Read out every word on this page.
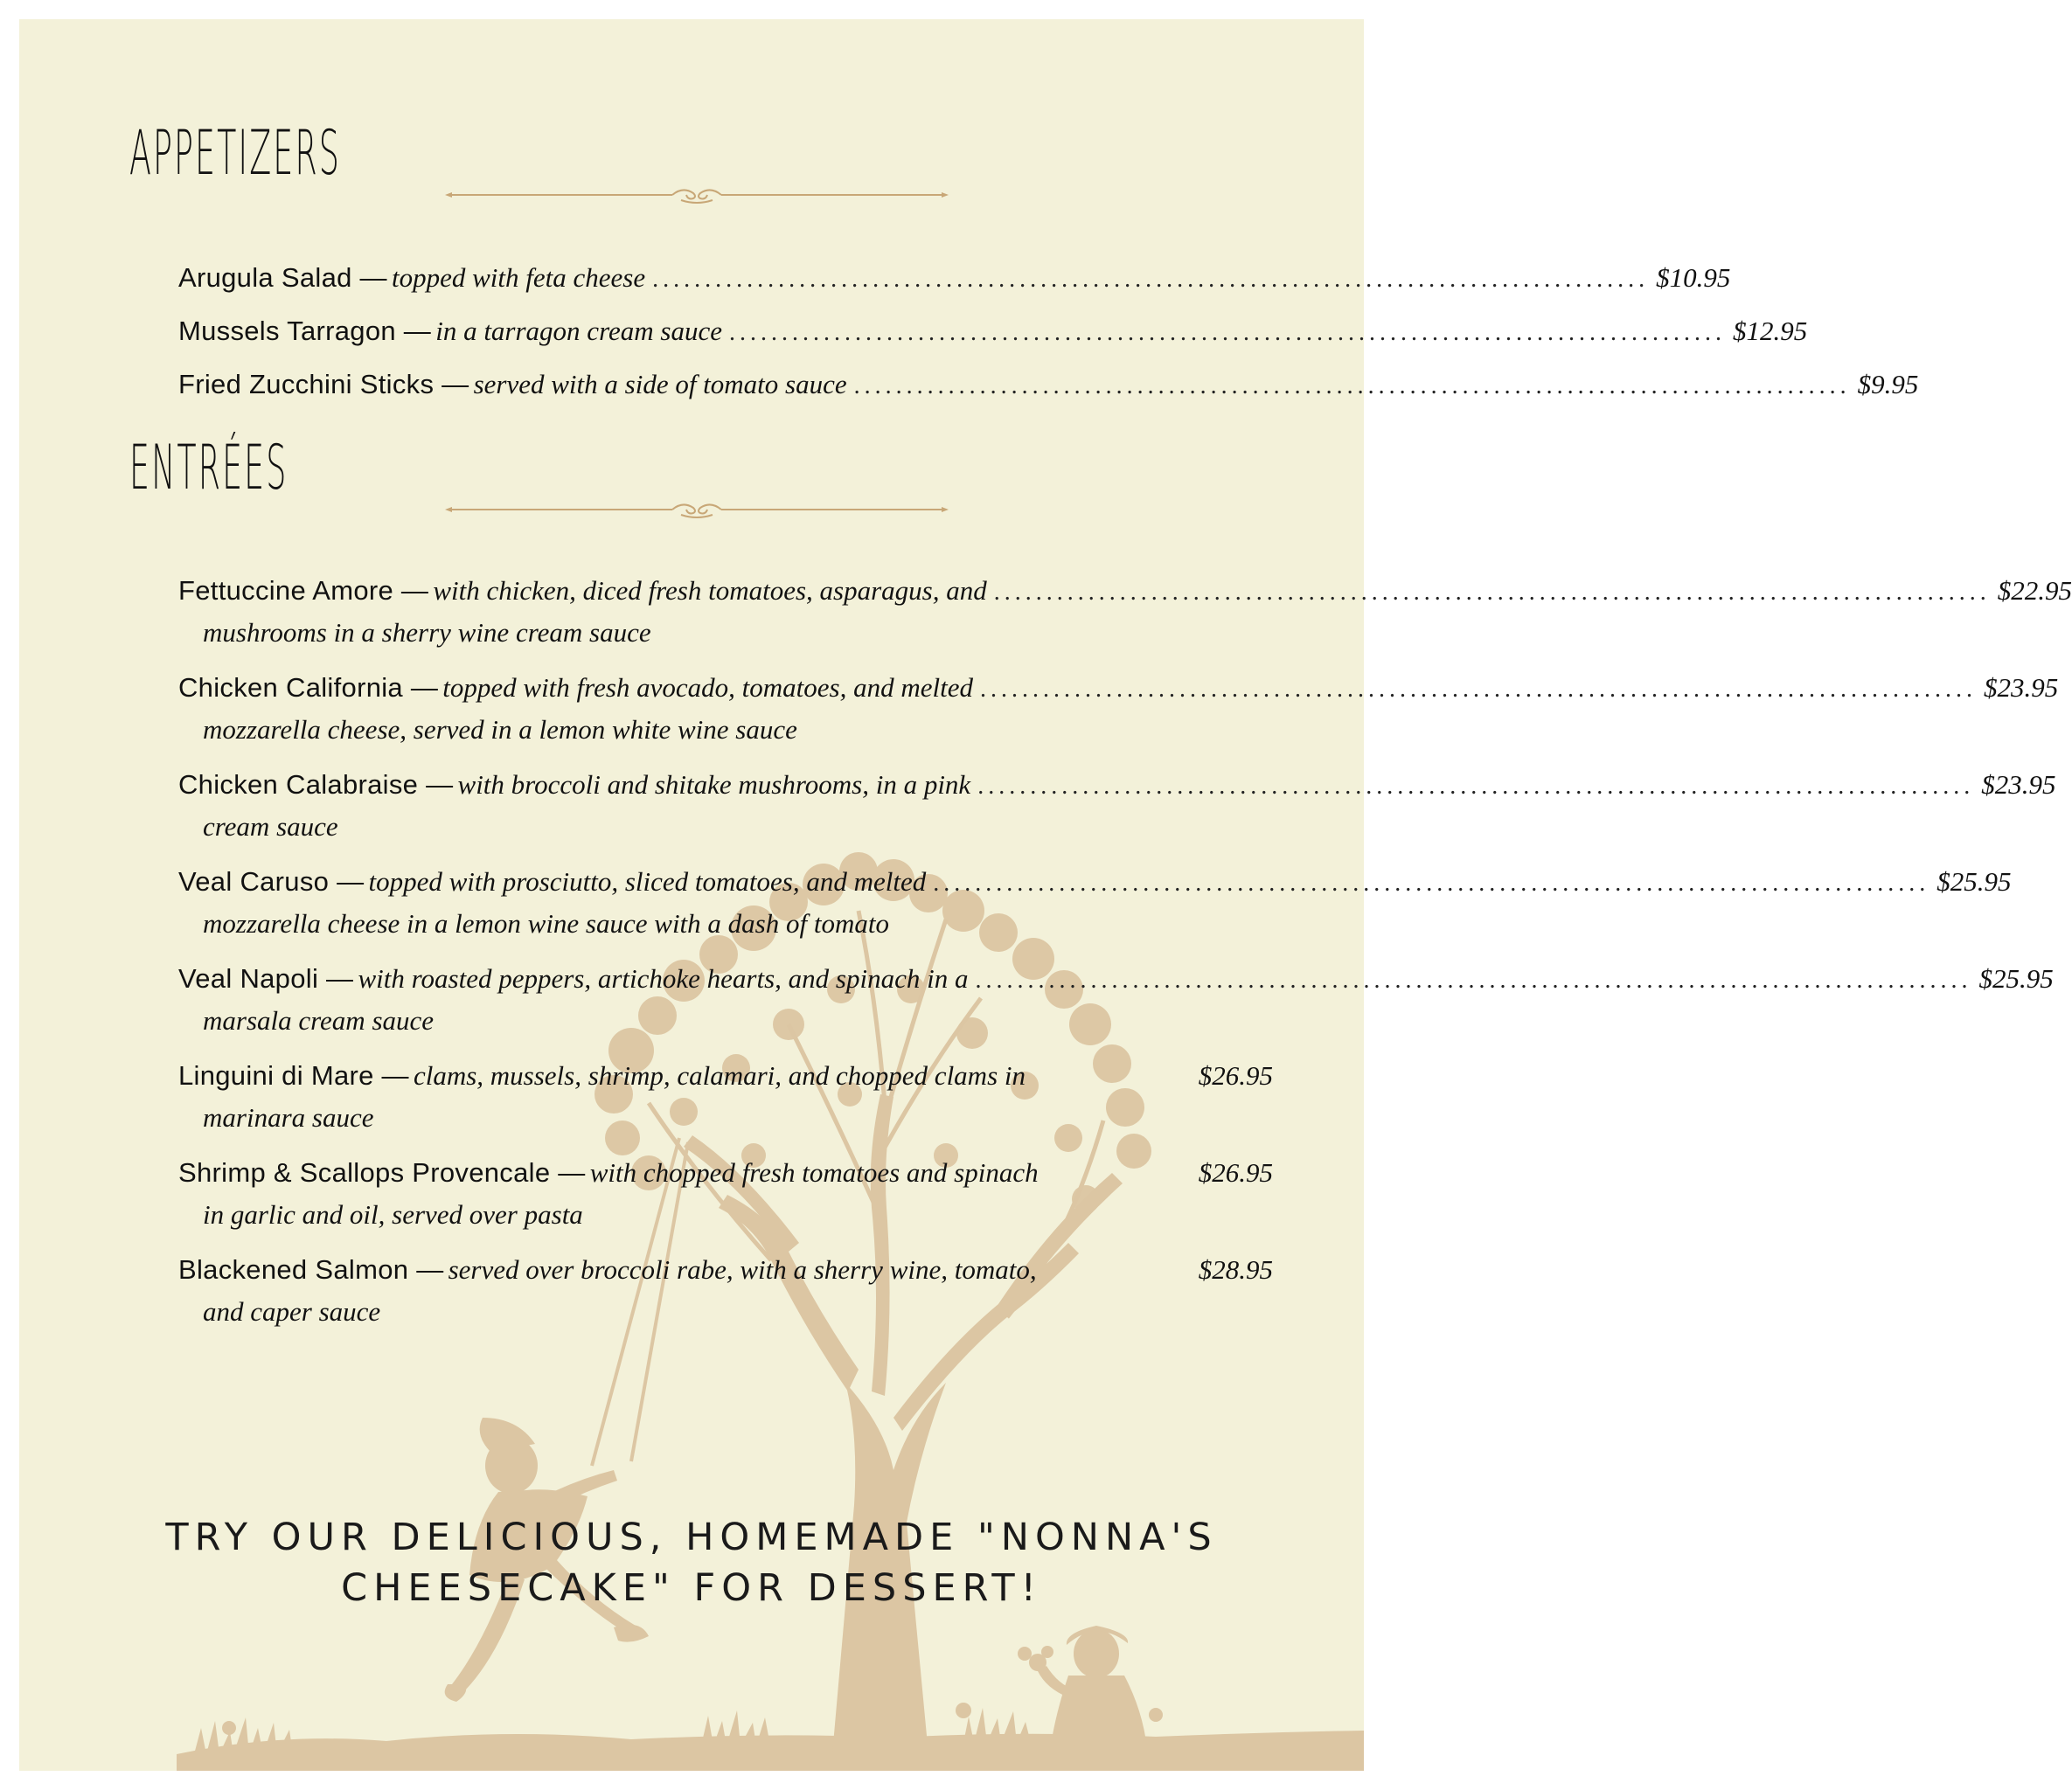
APPETIZERS
Arugula Salad —
topped with feta cheese ............................................................................................... $10.95
Mussels Tarragon —
in a tarragon cream sauce ............................................................................................... $12.95
Fried Zucchini Sticks —
served with a side of tomato sauce ............................................................................................... $9.95
ENTRÉES
Fettuccine Amore —
with chicken, diced fresh tomatoes, asparagus, and ............................................................................................... $22.95
mushrooms in a sherry wine cream sauce
Chicken California —
topped with fresh avocado, tomatoes, and melted ............................................................................................... $23.95
mozzarella cheese, served in a lemon white wine sauce
Chicken Calabraise —
with broccoli and shitake mushrooms, in a pink ............................................................................................... $23.95
cream sauce
Veal Caruso —
topped with prosciutto, sliced tomatoes, and melted ............................................................................................... $25.95
mozzarella cheese in a lemon wine sauce with a dash of tomato
Veal Napoli —
with roasted peppers, artichoke hearts, and spinach in a ............................................................................................... $25.95
marsala cream sauce
Linguini di Mare —
clams, mussels, shrimp, calamari, and chopped clams in	$26.95
marinara sauce
Shrimp & Scallops Provencale —
with chopped fresh tomatoes and spinach	$26.95
in garlic and oil, served over pasta
Blackened Salmon —
served over broccoli rabe, with a sherry wine, tomato,	$28.95
and caper sauce
TRY OUR DELICIOUS, HOMEMADE "NONNA'S
CHEESECAKE" FOR DESSERT!
